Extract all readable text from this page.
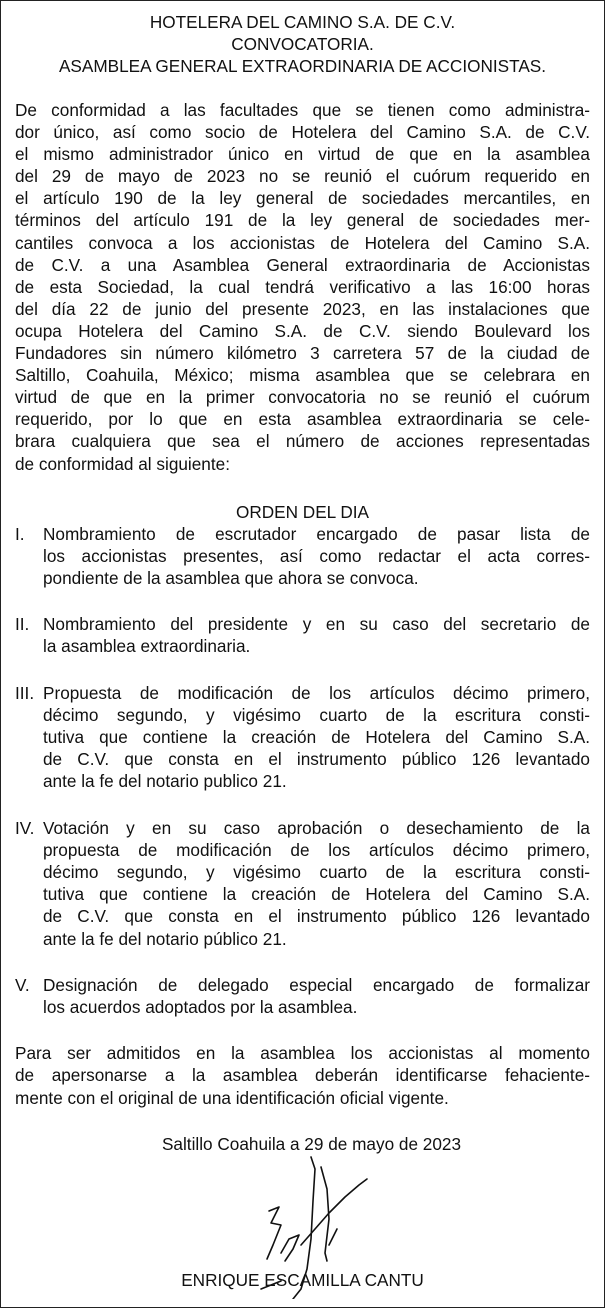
HOTELERA DEL CAMINO S.A. DE C.V.
CONVOCATORIA.
ASAMBLEA GENERAL EXTRAORDINARIA DE ACCIONISTAS.
De conformidad a las facultades que se tienen como administra-
dor único, así como socio de Hotelera del Camino S.A. de C.V.
el mismo administrador único en virtud de que en la asamblea
del 29 de mayo de 2023 no se reunió el cuórum requerido en
el artículo 190 de la ley general de sociedades mercantiles, en
términos del artículo 191 de la ley general de sociedades mer-
cantiles convoca a los accionistas de Hotelera del Camino S.A.
de C.V. a una Asamblea General extraordinaria de Accionistas
de esta Sociedad, la cual tendrá verificativo a las 16:00 horas
del día 22 de junio del presente 2023, en las instalaciones que
ocupa Hotelera del Camino S.A. de C.V. siendo Boulevard los
Fundadores sin número kilómetro 3 carretera 57 de la ciudad de
Saltillo, Coahuila, México; misma asamblea que se celebrara en
virtud de que en la primer convocatoria no se reunió el cuórum
requerido, por lo que en esta asamblea extraordinaria se cele-
brara cualquiera que sea el número de acciones representadas
de conformidad al siguiente:
ORDEN DEL DIA
I.	Nombramiento de escrutador encargado de pasar lista de
los accionistas presentes, así como redactar el acta corres-
pondiente de la asamblea que ahora se convoca.
II. Nombramiento del presidente y en su caso del secretario de
la asamblea extraordinaria.
III. Propuesta de modificación de los artículos décimo primero,
décimo segundo, y vigésimo cuarto de la escritura consti-
tutiva que contiene la creación de Hotelera del Camino S.A.
de C.V. que consta en el instrumento público 126 levantado
ante la fe del notario publico 21.
IV. Votación y en su caso aprobación o desechamiento de la
propuesta de modificación de los artículos décimo primero,
décimo segundo, y vigésimo cuarto de la escritura consti-
tutiva que contiene la creación de Hotelera del Camino S.A.
de C.V. que consta en el instrumento público 126 levantado
ante la fe del notario público 21.
V. Designación de delegado especial encargado de formalizar
los acuerdos adoptados por la asamblea.
Para ser admitidos en la asamblea los accionistas al momento
de apersonarse a la asamblea deberán identificarse fehaciente-
mente con el original de una identificación oficial vigente.
Saltillo Coahuila a 29 de mayo de 2023
ENRIQUE ESCAMILLA CANTU
